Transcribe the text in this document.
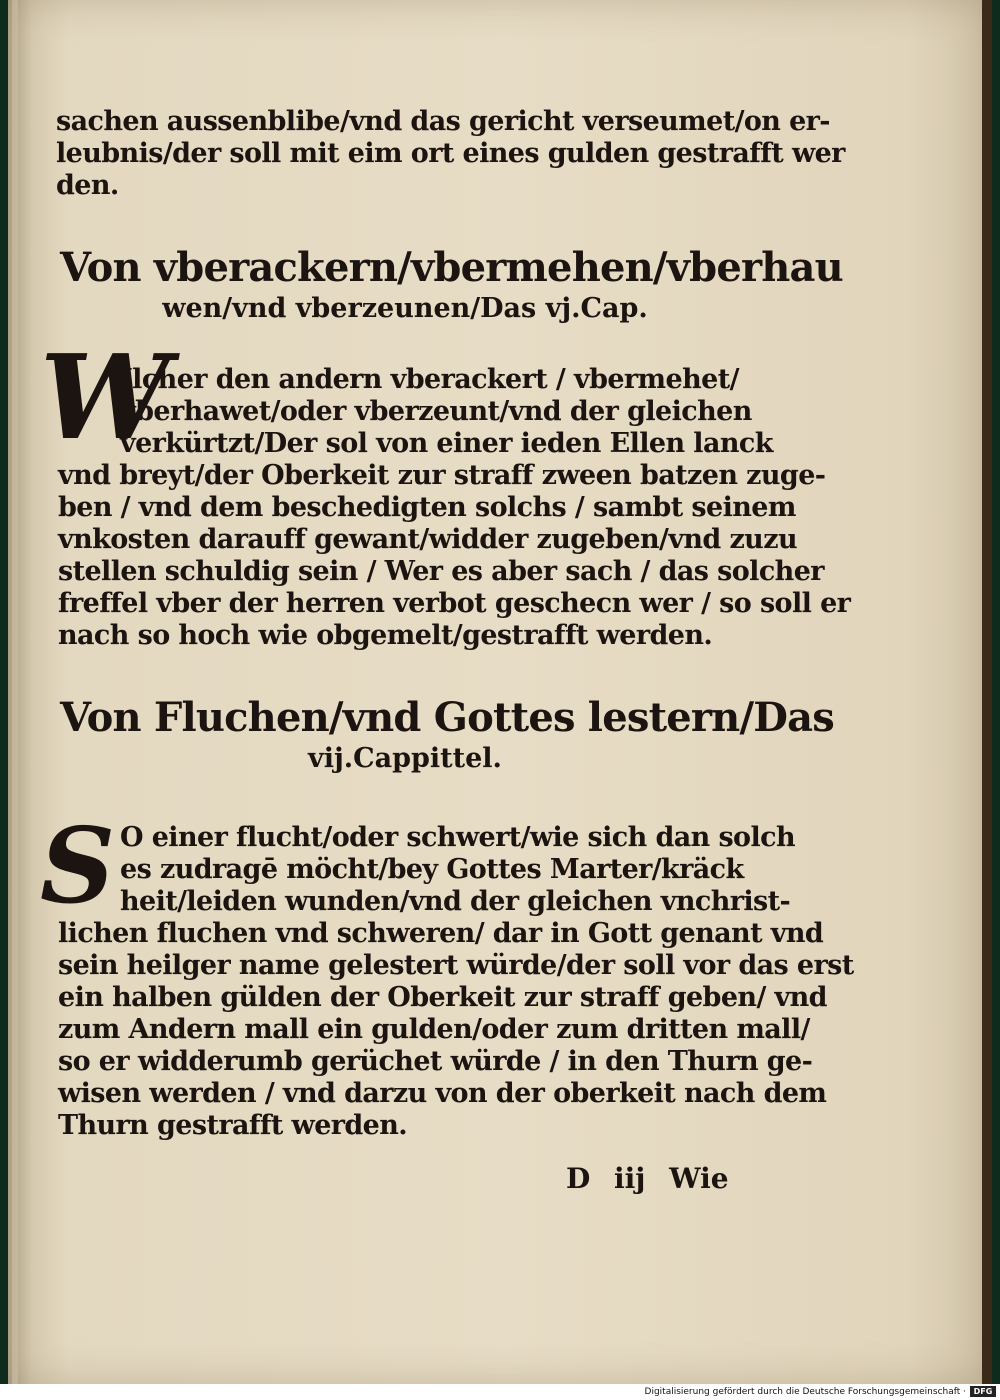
sachen aussenblibe/vnd das gericht verseumet/on er-
leubnis/der soll mit eim ort eines gulden gestrafft wer
den.
Von vberackern/vbermehen/vberhau
wen/vnd vberzeunen/Das vj.Cap.
W
Jlcher den andern vberackert / vbermehet/
vberhawet/oder vberzeunt/vnd der gleichen
verkürtzt/Der sol von einer ieden Ellen lanck
vnd breyt/der Oberkeit zur straff zween batzen zuge-
ben / vnd dem beschedigten solchs / sambt seinem
vnkosten darauff gewant/widder zugeben/vnd zuzu
stellen schuldig sein / Wer es aber sach / das solcher
freffel vber der herren verbot geschecn wer / so soll er
nach so hoch wie obgemelt/gestrafft werden.
Von Fluchen/vnd Gottes lestern/Das
vij.Cappittel.
S O einer flucht/oder schwert/wie sich dan solch
es zudragē möcht/bey Gottes Marter/kräck
heit/leiden wunden/vnd der gleichen vnchrist-
lichen fluchen vnd schweren/ dar in Gott genant vnd
sein heilger name gelestert würde/der soll vor das erst
ein halben gülden der Oberkeit zur straff geben/ vnd
zum Andern mall ein gulden/oder zum dritten mall/
so er widderumb gerüchet würde / in den Thurn ge-
wisen werden / vnd darzu von der oberkeit nach dem
Thurn gestrafft werden.
D iij Wie
Digitalisierung gefördert durch die Deutsche Forschungsgemeinschaft · DFG
